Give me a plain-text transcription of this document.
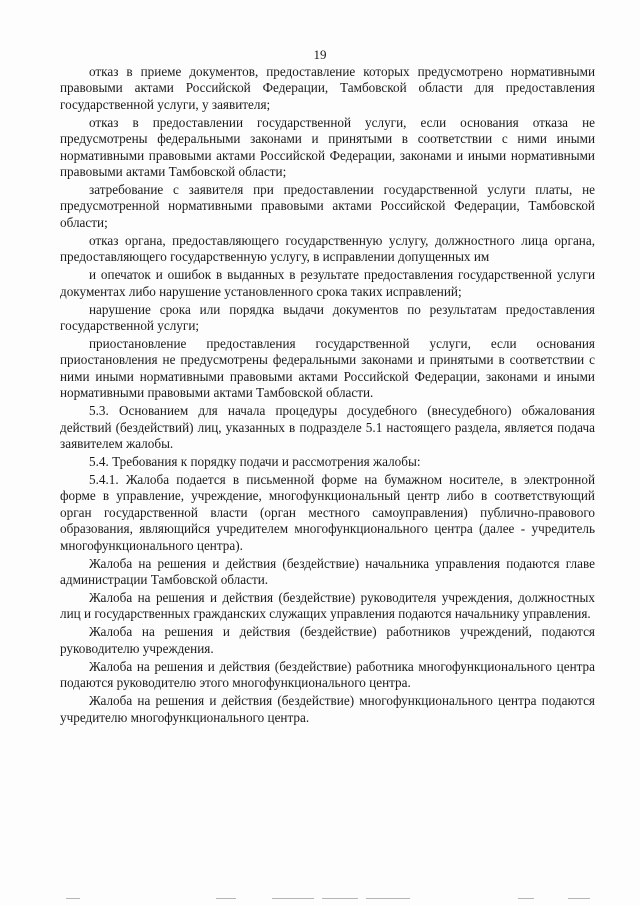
19

отказ в приеме документов, предоставление которых предусмотрено нормативными правовыми актами Российской Федерации, Тамбовской области для предоставления государственной услуги, у заявителя;

отказ в предоставлении государственной услуги, если основания отказа не предусмотрены федеральными законами и принятыми в соответствии с ними иными нормативными правовыми актами Российской Федерации, законами и иными нормативными правовыми актами Тамбовской области;

затребование с заявителя при предоставлении государственной услуги платы, не предусмотренной нормативными правовыми актами Российской Федерации, Тамбовской области;

отказ органа, предоставляющего государственную услугу, должностного лица органа, предоставляющего государственную услугу, в исправлении допущенных им

и опечаток и ошибок в выданных в результате предоставления государственной услуги документах либо нарушение установленного срока таких исправлений;

нарушение срока или порядка выдачи документов по результатам предоставления государственной услуги;

приостановление предоставления государственной услуги, если основания приостановления не предусмотрены федеральными законами и принятыми в соответствии с ними иными нормативными правовыми актами Российской Федерации, законами и иными нормативными правовыми актами Тамбовской области.

5.3. Основанием для начала процедуры досудебного (внесудебного) обжалования действий (бездействий) лиц, указанных в подразделе 5.1 настоящего раздела, является подача заявителем жалобы.

5.4. Требования к порядку подачи и рассмотрения жалобы:

5.4.1. Жалоба подается в письменной форме на бумажном носителе, в электронной форме в управление, учреждение, многофункциональный центр либо в соответствующий орган государственной власти (орган местного самоуправления) публично-правового образования, являющийся учредителем многофункционального центра (далее - учредитель многофункционального центра).

Жалоба на решения и действия (бездействие) начальника управления подаются главе администрации Тамбовской области.

Жалоба на решения и действия (бездействие) руководителя учреждения, должностных лиц и государственных гражданских служащих управления подаются начальнику управления.

Жалоба на решения и действия (бездействие) работников учреждений, подаются руководителю учреждения.

Жалоба на решения и действия (бездействие) работника многофункционального центра подаются руководителю этого многофункционального центра.

Жалоба на решения и действия (бездействие) многофункционального центра подаются учредителю многофункционального центра.
